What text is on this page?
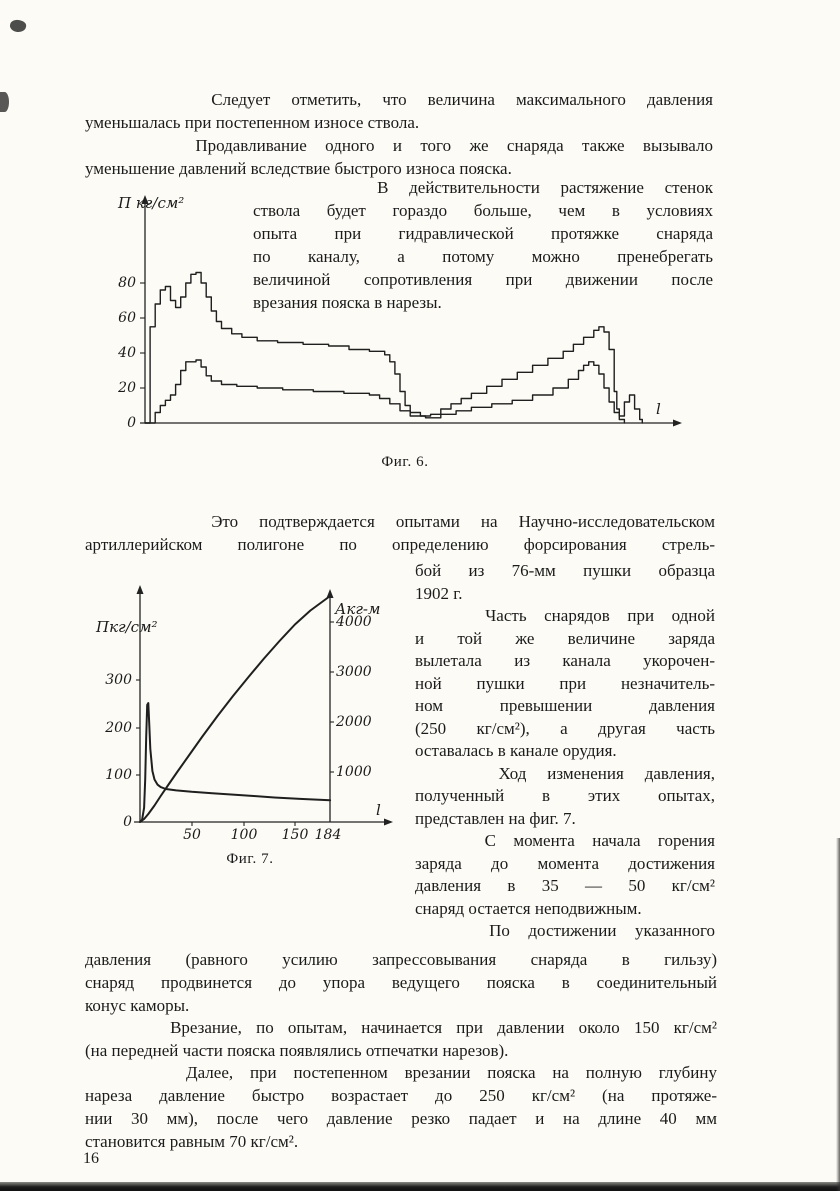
Следует отметить, что величина максимального давления
уменьшалась при постепенном износе ствола.
Продавливание одного и того же снаряда также вызывало
уменьшение давлений вследствие быстрого износа пояска.
В действительности растяжение стенок
ствола будет гораздо больше, чем в условиях
опыта при гидравлической протяжке снаряда
по каналу, а потому можно пренебрегать
величиной сопротивления при движении после
врезания пояска в нарезы.
П кг/см²
80
60
40
20
0
l
Фиг. 6.
Это подтверждается опытами на Научно-исследовательском
артиллерийском полигоне по определению форсирования стрель-
Пкг/см²
Акг-м
300
200
100
0
4000
3000
2000
1000
50 100 150 184
l
Фиг. 7.
бой из 76-мм пушки образца
1902 г.
Часть снарядов при одной
и той же величине заряда
вылетала из канала укорочен-
ной пушки при незначитель-
ном превышении давления
(250 кг/см²), а другая часть
оставалась в канале орудия.
Ход изменения давления,
полученный в этих опытах,
представлен на фиг. 7.
С момента начала горения
заряда до момента достижения
давления в 35 — 50 кг/см²
снаряд остается неподвижным.
По достижении указанного
давления (равного усилию запрессовывания снаряда в гильзу)
снаряд продвинется до упора ведущего пояска в соединительный
конус каморы.
Врезание, по опытам, начинается при давлении около 150 кг/см²
(на передней части пояска появлялись отпечатки нарезов).
Далее, при постепенном врезании пояска на полную глубину
нареза давление быстро возрастает до 250 кг/см² (на протяже-
нии 30 мм), после чего давление резко падает и на длине 40 мм
становится равным 70 кг/см².
16
